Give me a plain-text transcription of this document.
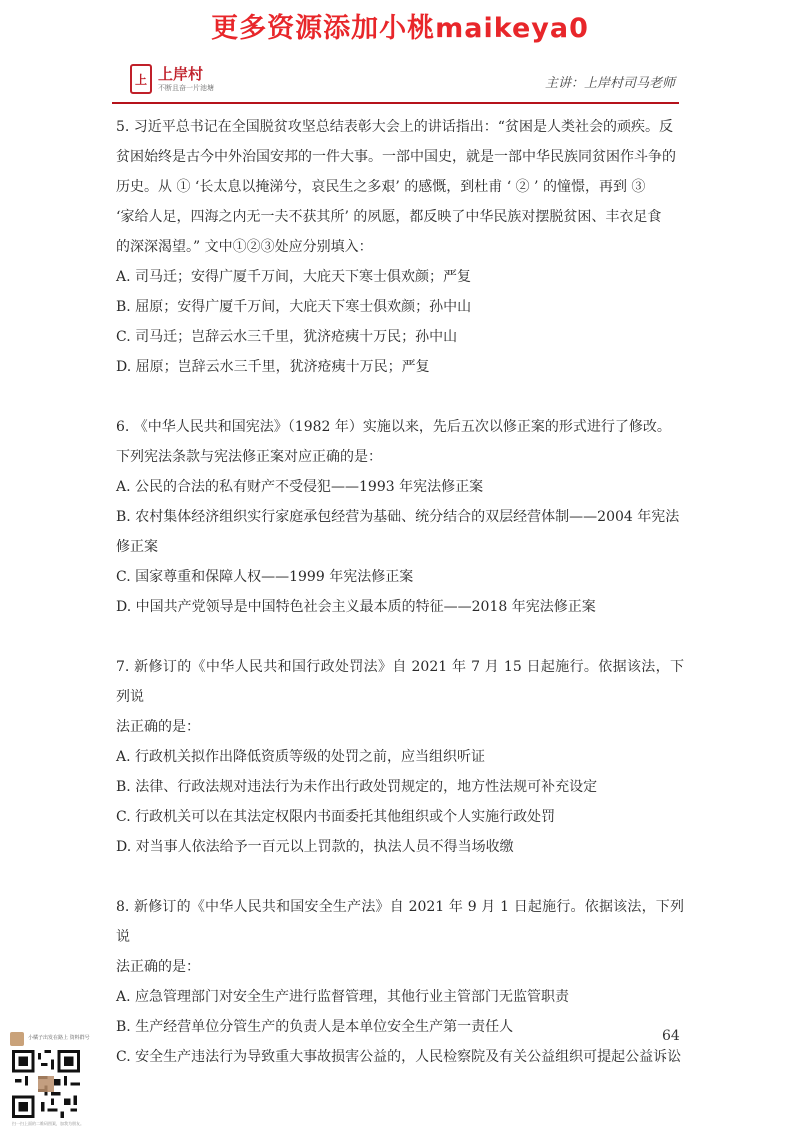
更多资源添加小桃maikeya0
上 上岸村
不断且奋一片池塘	主讲：上岸村司马老师

5. 习近平总书记在全国脱贫攻坚总结表彰大会上的讲话指出：“贫困是人类社会的顽疾。反

贫困始终是古今中外治国安邦的一件大事。一部中国史，就是一部中华民族同贫困作斗争的

历史。从 ① ‘长太息以掩涕兮，哀民生之多艰’ 的感慨，到杜甫 ‘ ② ’ 的憧憬，再到 ③

‘家给人足，四海之内无一夫不获其所’ 的夙愿，都反映了中华民族对摆脱贫困、丰衣足食

的深深渴望。” 文中①②③处应分别填入：

A. 司马迁；安得广厦千万间，大庇天下寒士俱欢颜；严复

B. 屈原；安得广厦千万间，大庇天下寒士俱欢颜；孙中山

C. 司马迁；岂辞云水三千里，犹济疮痍十万民；孙中山

D. 屈原；岂辞云水三千里，犹济疮痍十万民；严复

6. 《中华人民共和国宪法》（1982 年）实施以来，先后五次以修正案的形式进行了修改。

下列宪法条款与宪法修正案对应正确的是：

A. 公民的合法的私有财产不受侵犯——1993 年宪法修正案

B. 农村集体经济组织实行家庭承包经营为基础、统分结合的双层经营体制——2004 年宪法

修正案

C. 国家尊重和保障人权——1999 年宪法修正案

D. 中国共产党领导是中国特色社会主义最本质的特征——2018 年宪法修正案

7. 新修订的《中华人民共和国行政处罚法》自 2021 年 7 月 15 日起施行。依据该法，下列说

法正确的是：

A. 行政机关拟作出降低资质等级的处罚之前，应当组织听证

B. 法律、行政法规对违法行为未作出行政处罚规定的，地方性法规可补充设定

C. 行政机关可以在其法定权限内书面委托其他组织或个人实施行政处罚

D. 对当事人依法给予一百元以上罚款的，执法人员不得当场收缴

8. 新修订的《中华人民共和国安全生产法》自 2021 年 9 月 1 日起施行。依据该法，下列说

法正确的是：

A. 应急管理部门对安全生产进行监督管理，其他行业主管部门无监管职责

B. 生产经营单位分管生产的负责人是本单位安全生产第一责任人

C. 安全生产违法行为导致重大事故损害公益的，人民检察院及有关公益组织可提起公益诉讼

64
小橘子出发在路上 资料群号
扫一扫上面的二维码图案，加我为朋友。
